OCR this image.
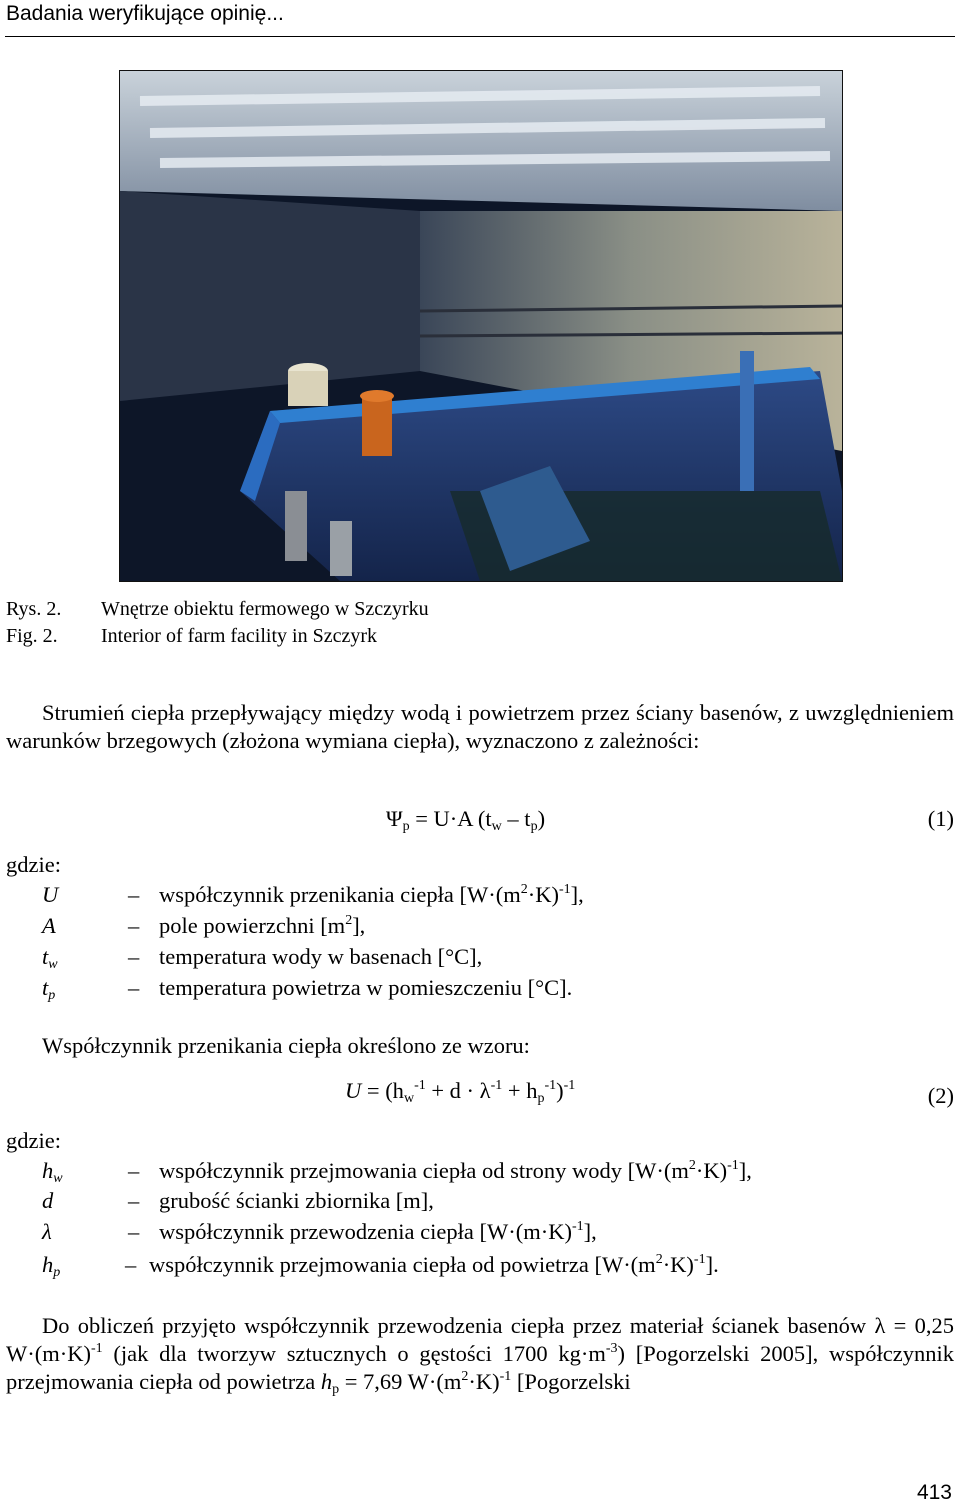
Badania weryfikujące opinię...
Rys. 2. Wnętrze obiektu fermowego w Szczyrku
Fig. 2. Interior of farm facility in Szczyrk
Strumień ciepła przepływający między wodą i powietrzem przez ściany basenów, z uwzględnieniem warunków brzegowych (złożona wymiana ciepła), wyznaczono z zależności:
$\Psi_p = U\cdot A$ $(t_w - t_p)$	(1)
gdzie:
U	– współczynnik przenikania ciepła $[W\cdot(m^2\cdot K)^{-1}]$,
A	– pole powierzchni $[m^2]$,
$t_w$	– temperatura wody w basenach [°C],
$t_p$	– temperatura powietrza w pomieszczeniu [°C].
Współczynnik przenikania ciepła określono ze wzoru:
$U = (h_w^{-1} + d \cdot \lambda^{-1} + h_p^{-1})^{-1}$	(2)
gdzie:
$h_w$	– współczynnik przejmowania ciepła od strony wody $[W\cdot(m^2\cdot K)^{-1}]$,
d	– grubość ścianki zbiornika [m],
λ	– współczynnik przewodzenia ciepła $[W\cdot(m\cdot K)^{-1}]$,
$h_p$	– współczynnik przejmowania ciepła od powietrza $[W\cdot(m^2\cdot K)^{-1}]$.
Do obliczeń przyjęto współczynnik przewodzenia ciepła przez materiał ścianek basenów λ = 0,25 $W\cdot(m\cdot K)^{-1}$ (jak dla tworzyw sztucznych o gęstości 1700 $kg\cdot m^{-3}$) [Pogorzelski 2005], współczynnik przejmowania ciepła od powietrza $h_p = 7,69$ $W\cdot(m^2\cdot K)^{-1}$ [Pogorzelski
413
